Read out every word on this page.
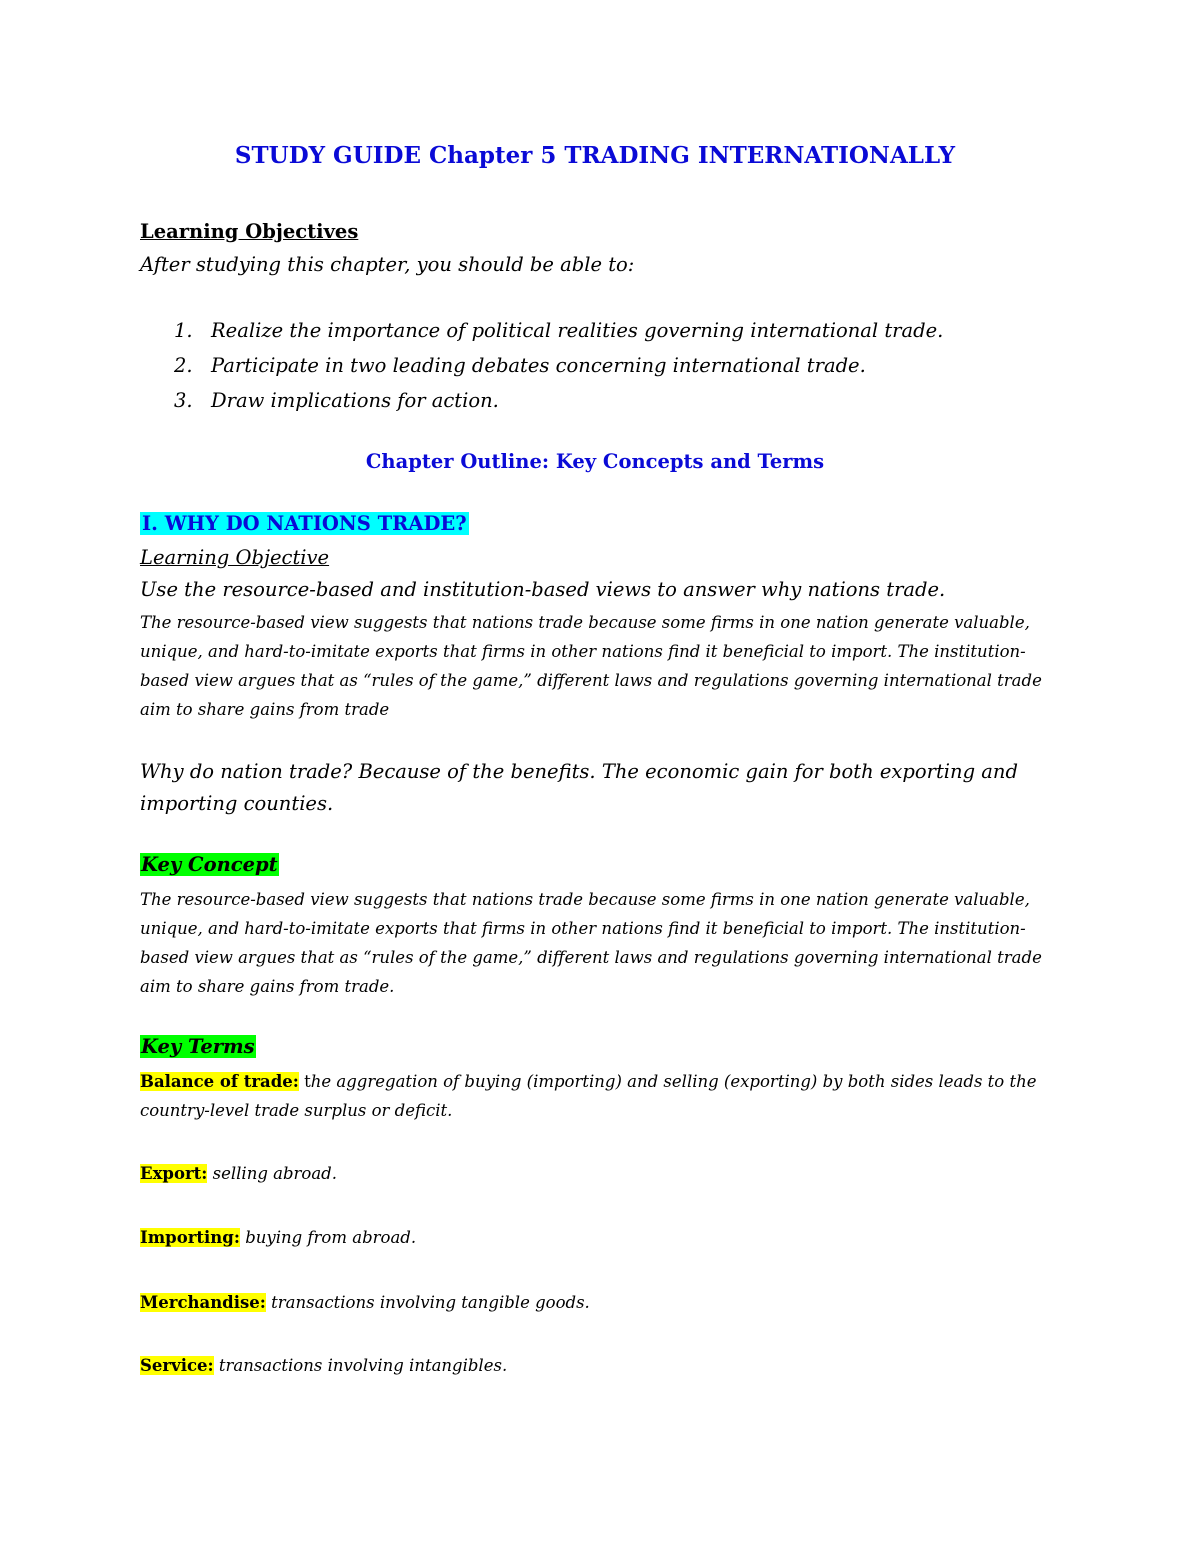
STUDY GUIDE Chapter 5 TRADING INTERNATIONALLY
Learning Objectives
After studying this chapter, you should be able to:
1. Realize the importance of political realities governing international trade.
2. Participate in two leading debates concerning international trade.
3. Draw implications for action.
Chapter Outline: Key Concepts and Terms
I. WHY DO NATIONS TRADE?
Learning Objective
Use the resource-based and institution-based views to answer why nations trade.
The resource-based view suggests that nations trade because some firms in one nation generate valuable, unique, and hard-to-imitate exports that firms in other nations find it beneficial to import. The institution-based view argues that as “rules of the game,” different laws and regulations governing international trade aim to share gains from trade
Why do nation trade? Because of the benefits. The economic gain for both exporting and importing counties.
Key Concept
The resource-based view suggests that nations trade because some firms in one nation generate valuable, unique, and hard-to-imitate exports that firms in other nations find it beneficial to import. The institution-based view argues that as “rules of the game,” different laws and regulations governing international trade aim to share gains from trade.
Key Terms
Balance of trade: the aggregation of buying (importing) and selling (exporting) by both sides leads to the country-level trade surplus or deficit.
Export: selling abroad.
Importing: buying from abroad.
Merchandise: transactions involving tangible goods.
Service: transactions involving intangibles.
